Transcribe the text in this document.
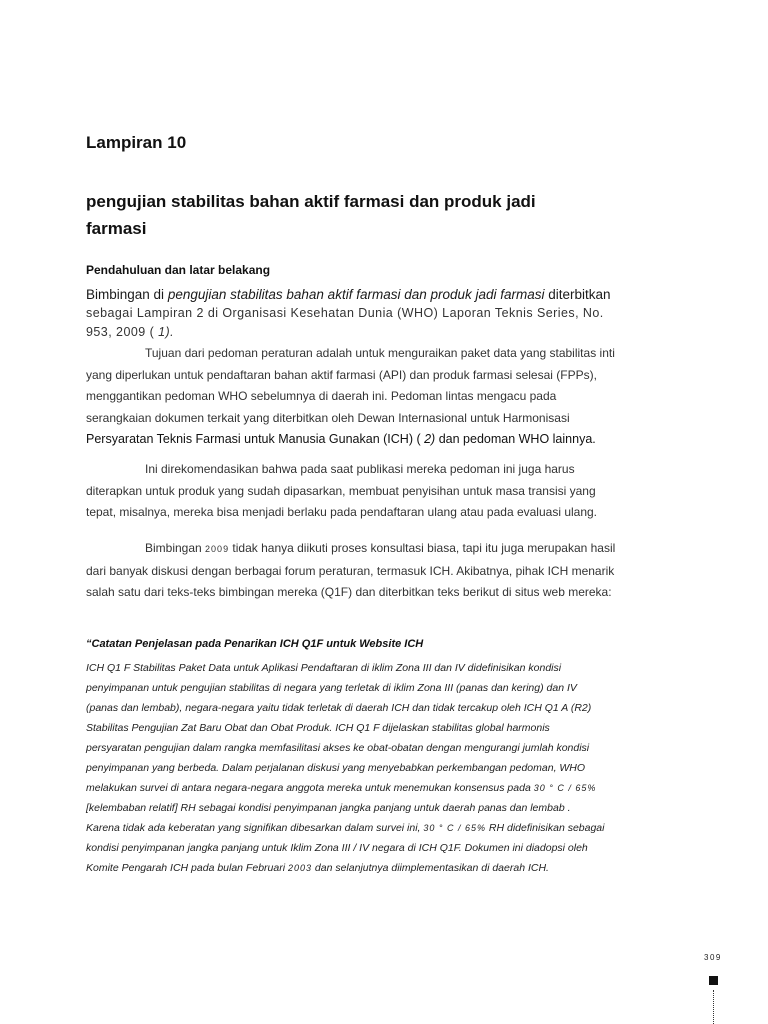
Lampiran 10
pengujian stabilitas bahan aktif farmasi dan produk jadi
farmasi
Pendahuluan dan latar belakang
Bimbingan di pengujian stabilitas bahan aktif farmasi dan produk jadi farmasi diterbitkan
sebagai Lampiran 2 di Organisasi Kesehatan Dunia (WHO) Laporan Teknis Series, No.
953, 2009 ( 1).
Tujuan dari pedoman peraturan adalah untuk menguraikan paket data yang stabilitas inti
yang diperlukan untuk pendaftaran bahan aktif farmasi (API) dan produk farmasi selesai (FPPs),
menggantikan pedoman WHO sebelumnya di daerah ini. Pedoman lintas mengacu pada
serangkaian dokumen terkait yang diterbitkan oleh Dewan Internasional untuk Harmonisasi
Persyaratan Teknis Farmasi untuk Manusia Gunakan (ICH) ( 2) dan pedoman WHO lainnya.
Ini direkomendasikan bahwa pada saat publikasi mereka pedoman ini juga harus
diterapkan untuk produk yang sudah dipasarkan, membuat penyisihan untuk masa transisi yang
tepat, misalnya, mereka bisa menjadi berlaku pada pendaftaran ulang atau pada evaluasi ulang.
Bimbingan 2009 tidak hanya diikuti proses konsultasi biasa, tapi itu juga merupakan hasil
dari banyak diskusi dengan berbagai forum peraturan, termasuk ICH. Akibatnya, pihak ICH menarik
salah satu dari teks-teks bimbingan mereka (Q1F) dan diterbitkan teks berikut di situs web mereka:
“Catatan Penjelasan pada Penarikan ICH Q1F untuk Website ICH
ICH Q1 F Stabilitas Paket Data untuk Aplikasi Pendaftaran di iklim Zona III dan IV didefinisikan kondisi
penyimpanan untuk pengujian stabilitas di negara yang terletak di iklim Zona III (panas dan kering) dan IV
(panas dan lembab), negara-negara yaitu tidak terletak di daerah ICH dan tidak tercakup oleh ICH Q1 A (R2)
Stabilitas Pengujian Zat Baru Obat dan Obat Produk. ICH Q1 F dijelaskan stabilitas global harmonis
persyaratan pengujian dalam rangka memfasilitasi akses ke obat-obatan dengan mengurangi jumlah kondisi
penyimpanan yang berbeda. Dalam perjalanan diskusi yang menyebabkan perkembangan pedoman, WHO
melakukan survei di antara negara-negara anggota mereka untuk menemukan konsensus pada 30 ° C / 65%
[kelembaban relatif] RH sebagai kondisi penyimpanan jangka panjang untuk daerah panas dan lembab .
Karena tidak ada keberatan yang signifikan dibesarkan dalam survei ini, 30 ° C / 65% RH didefinisikan sebagai
kondisi penyimpanan jangka panjang untuk Iklim Zona III / IV negara di ICH Q1F. Dokumen ini diadopsi oleh
Komite Pengarah ICH pada bulan Februari 2003 dan selanjutnya diimplementasikan di daerah ICH.
309
